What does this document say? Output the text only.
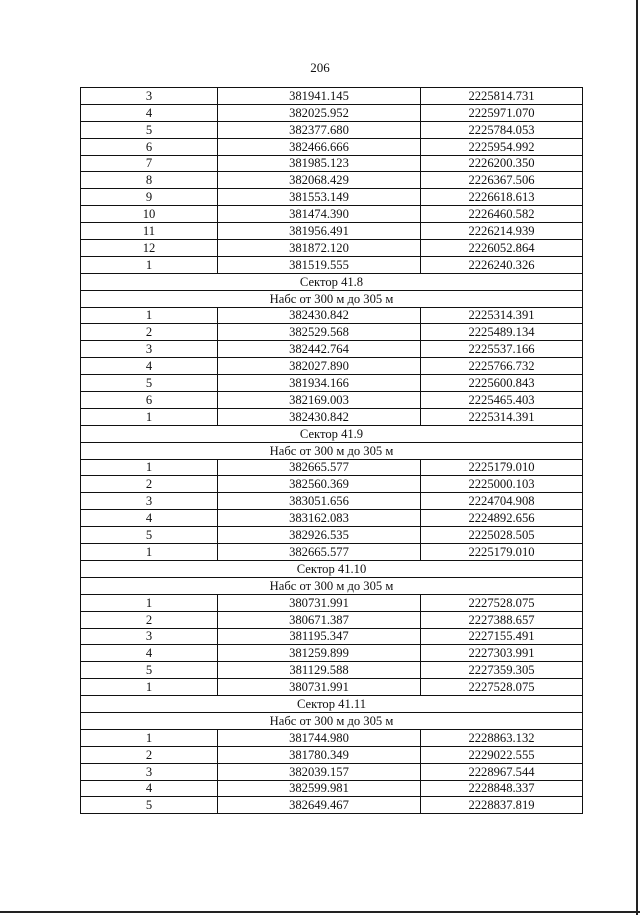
206
3	381941.145	2225814.731
4	382025.952	2225971.070
5	382377.680	2225784.053
6	382466.666	2225954.992
7	381985.123	2226200.350
8	382068.429	2226367.506
9	381553.149	2226618.613
10	381474.390	2226460.582
11	381956.491	2226214.939
12	381872.120	2226052.864
1	381519.555	2226240.326
Сектор 41.8		
Набс от 300 м до 305 м		
1	382430.842	2225314.391
2	382529.568	2225489.134
3	382442.764	2225537.166
4	382027.890	2225766.732
5	381934.166	2225600.843
6	382169.003	2225465.403
1	382430.842	2225314.391
Сектор 41.9		
Набс от 300 м до 305 м		
1	382665.577	2225179.010
2	382560.369	2225000.103
3	383051.656	2224704.908
4	383162.083	2224892.656
5	382926.535	2225028.505
1	382665.577	2225179.010
Сектор 41.10		
Набс от 300 м до 305 м		
1	380731.991	2227528.075
2	380671.387	2227388.657
3	381195.347	2227155.491
4	381259.899	2227303.991
5	381129.588	2227359.305
1	380731.991	2227528.075
Сектор 41.11		
Набс от 300 м до 305 м		
1	381744.980	2228863.132
2	381780.349	2229022.555
3	382039.157	2228967.544
4	382599.981	2228848.337
5	382649.467	2228837.819
